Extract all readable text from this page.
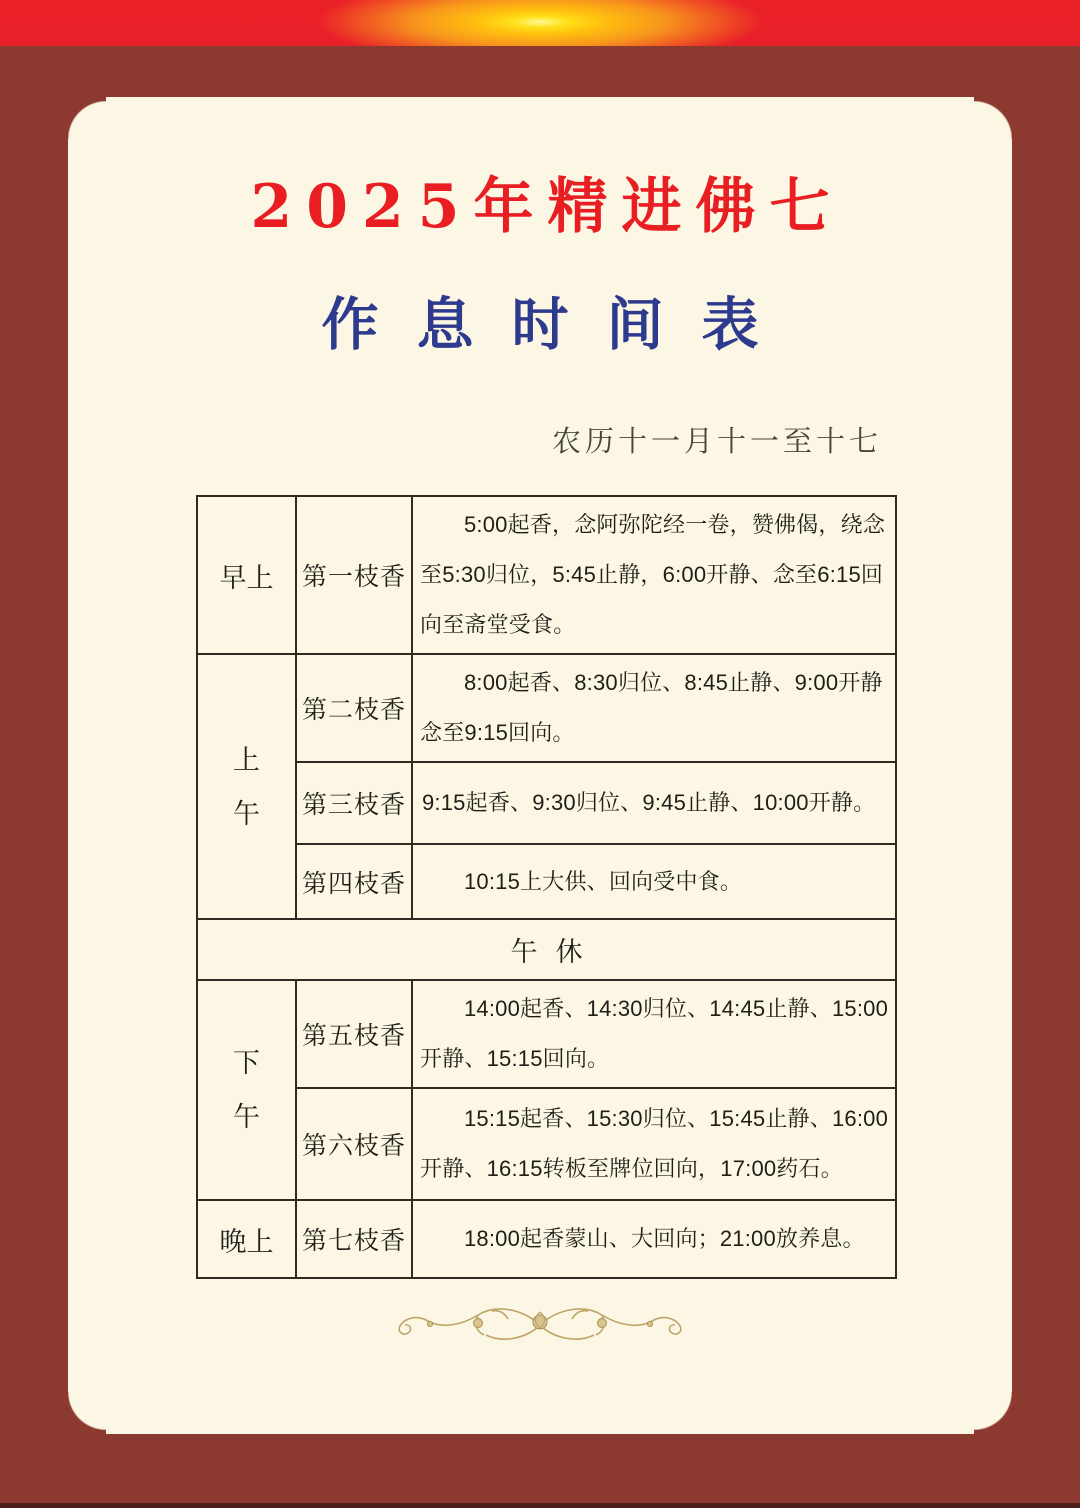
2025年精进佛七
作息时间表
农历十一月十一至十七
早上	第一枝香	5:00起香，念阿弥陀经一卷，赞佛偈，绕念至5:30归位，5:45止静，6:00开静、念至6:15回向至斋堂受食。

上午	第二枝香	8:00起香、8:30归位、8:45止静、9:00开静念至9:15回向。

	第三枝香	9:15起香、9:30归位、9:45止静、10:00开静。

	第四枝香	10:15上大供、回向受中食。

午休		
下午	第五枝香	14:00起香、14:30归位、14:45止静、15:00开静、15:15回向。

	第六枝香	15:15起香、15:30归位、15:45止静、16:00开静、16:15转板至牌位回向，17:00药石。

晚上	第七枝香	18:00起香蒙山、大回向；21:00放养息。
